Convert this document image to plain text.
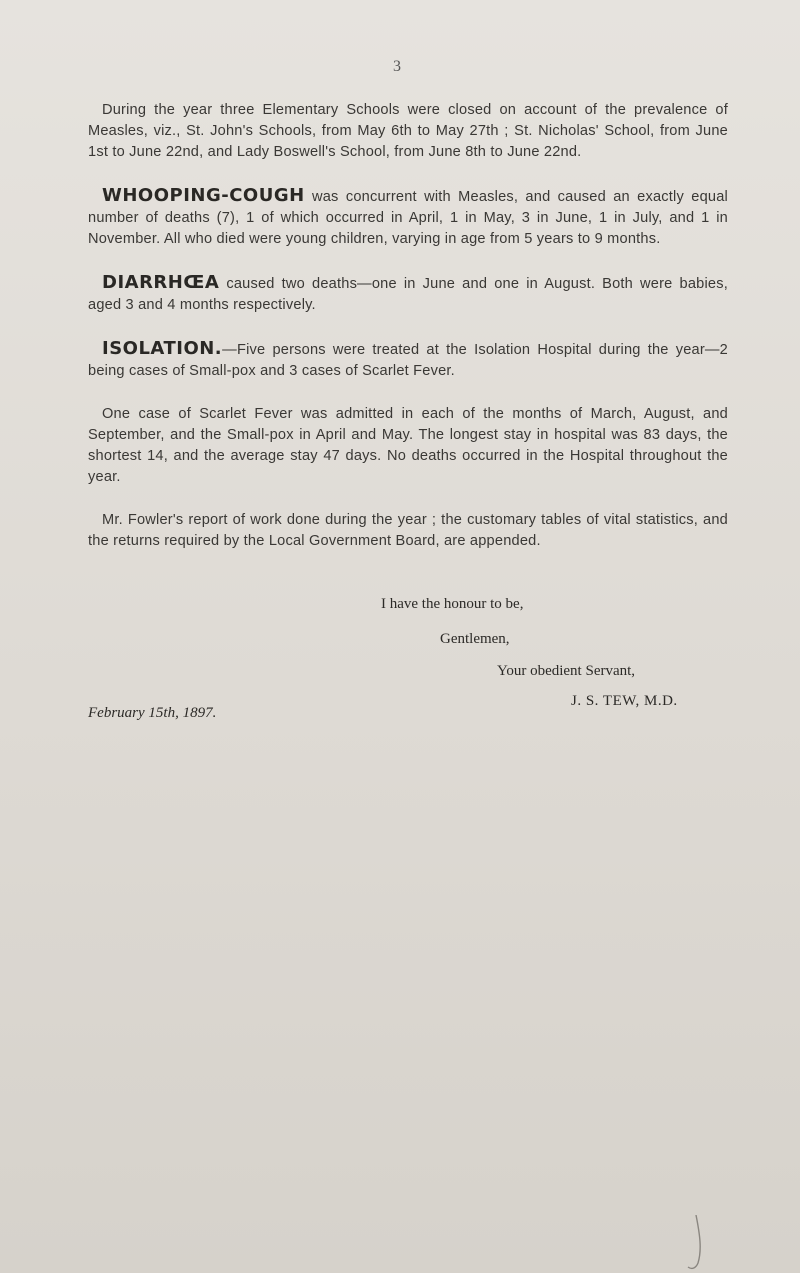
3

During the year three Elementary Schools were closed on account of the prevalence of Measles, viz., St. John's Schools, from May 6th to May 27th ; St. Nicholas' School, from June 1st to June 22nd, and Lady Boswell's School, from June 8th to June 22nd.

WHOOPING-COUGH was concurrent with Measles, and caused an exactly equal number of deaths (7), 1 of which occurred in April, 1 in May, 3 in June, 1 in July, and 1 in November. All who died were young children, varying in age from 5 years to 9 months.

DIARRHŒA caused two deaths—one in June and one in August. Both were babies, aged 3 and 4 months respectively.

ISOLATION.—Five persons were treated at the Isolation Hospital during the year—2 being cases of Small-pox and 3 cases of Scarlet Fever.

One case of Scarlet Fever was admitted in each of the months of March, August, and September, and the Small-pox in April and May. The longest stay in hospital was 83 days, the shortest 14, and the average stay 47 days. No deaths occurred in the Hospital throughout the year.

Mr. Fowler's report of work done during the year ; the customary tables of vital statistics, and the returns required by the Local Government Board, are appended.

I have the honour to be,
Gentlemen,
Your obedient Servant,
J. S. TEW, M.D.
February 15th, 1897.
